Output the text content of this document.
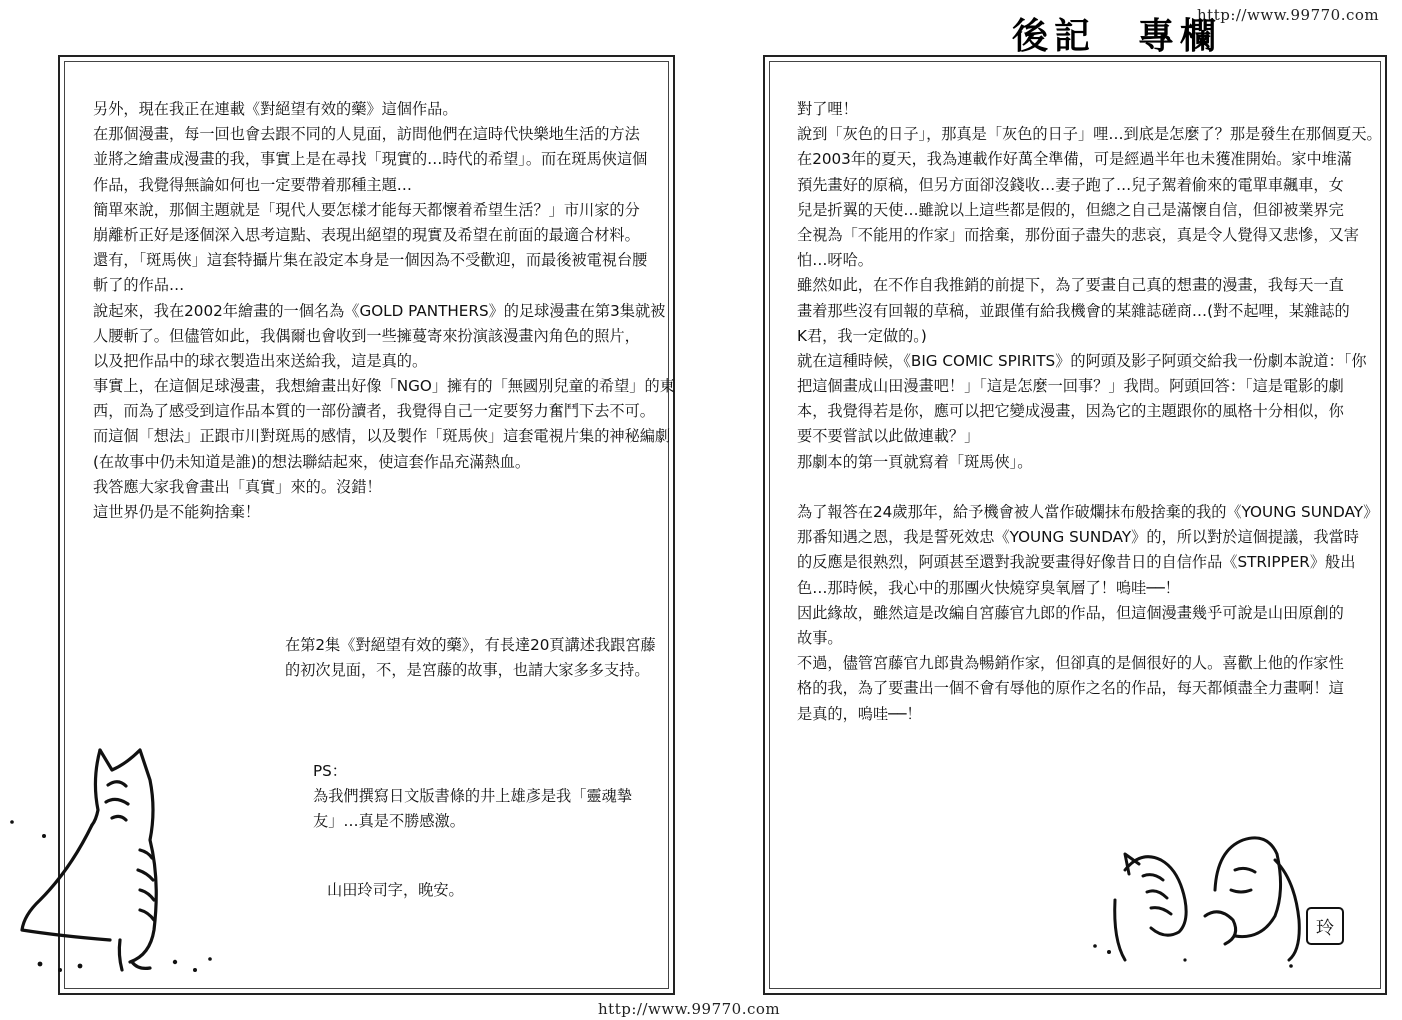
http://www.99770.com
後記　專欄
另外，現在我正在連載《對絕望有效的藥》這個作品。
在那個漫畫，每一回也會去跟不同的人見面，訪問他們在這時代快樂地生活的方法
並將之繪畫成漫畫的我，事實上是在尋找「現實的…時代的希望」。而在斑馬俠這個
作品，我覺得無論如何也一定要帶着那種主題…
簡單來說，那個主題就是「現代人要怎樣才能每天都懷着希望生活？」市川家的分
崩離析正好是逐個深入思考這點、表現出絕望的現實及希望在前面的最適合材料。
還有，「斑馬俠」這套特攝片集在設定本身是一個因為不受歡迎，而最後被電視台腰
斬了的作品…
說起來，我在2002年繪畫的一個名為《GOLD PANTHERS》的足球漫畫在第3集就被
人腰斬了。但儘管如此，我偶爾也會收到一些擁蔓寄來扮演該漫畫內角色的照片，
以及把作品中的球衣製造出來送給我，這是真的。
事實上，在這個足球漫畫，我想繪畫出好像「NGO」擁有的「無國別兒童的希望」的東
西，而為了感受到這作品本質的一部份讀者，我覺得自己一定要努力奮鬥下去不可。
而這個「想法」正跟市川對斑馬的感情，以及製作「斑馬俠」這套電視片集的神秘編劇
(在故事中仍未知道是誰)的想法聯結起來，使這套作品充滿熱血。
我答應大家我會畫出「真實」來的。沒錯！
這世界仍是不能夠捨棄！
在第2集《對絕望有效的藥》，有長達20頁講述我跟宮藤
的初次見面，不，是宮藤的故事，也請大家多多支持。
PS：
為我們撰寫日文版書條的井上雄彥是我「靈魂摯
友」…真是不勝感激。
山田玲司字，晚安。
對了哩！
說到「灰色的日子」，那真是「灰色的日子」哩…到底是怎麼了？那是發生在那個夏天。
在2003年的夏天，我為連載作好萬全準備，可是經過半年也未獲准開始。家中堆滿
預先畫好的原稿，但另方面卻沒錢收…妻子跑了…兒子駕着偷來的電單車飆車，女
兒是折翼的天使…雖說以上這些都是假的，但總之自己是滿懷自信，但卻被業界完
全視為「不能用的作家」而捨棄，那份面子盡失的悲哀，真是令人覺得又悲慘，又害
怕…呀哈。
雖然如此，在不作自我推銷的前提下，為了要畫自己真的想畫的漫畫，我每天一直
畫着那些沒有回報的草稿，並跟僅有給我機會的某雜誌磋商…(對不起哩，某雜誌的
K君，我一定做的。)
就在這種時候，《BIG COMIC SPIRITS》的阿頭及影子阿頭交給我一份劇本說道：「你
把這個畫成山田漫畫吧！」「這是怎麼一回事？」我問。阿頭回答：「這是電影的劇
本，我覺得若是你，應可以把它變成漫畫，因為它的主題跟你的風格十分相似，你
要不要嘗試以此做連載？」
那劇本的第一頁就寫着「斑馬俠」。
為了報答在24歲那年，給予機會被人當作破爛抹布般捨棄的我的《YOUNG SUNDAY》
那番知遇之恩，我是誓死效忠《YOUNG SUNDAY》的，所以對於這個提議，我當時
的反應是很熟烈，阿頭甚至還對我說要畫得好像昔日的自信作品《STRIPPER》般出
色…那時候，我心中的那團火快燒穿臭氧層了！嗚哇──！
因此緣故，雖然這是改編自宮藤官九郎的作品，但這個漫畫幾乎可說是山田原創的
故事。
不過，儘管宮藤官九郎貴為暢銷作家，但卻真的是個很好的人。喜歡上他的作家性
格的我，為了要畫出一個不會有辱他的原作之名的作品，每天都傾盡全力畫啊！這
是真的，嗚哇──！
玲
http://www.99770.com
